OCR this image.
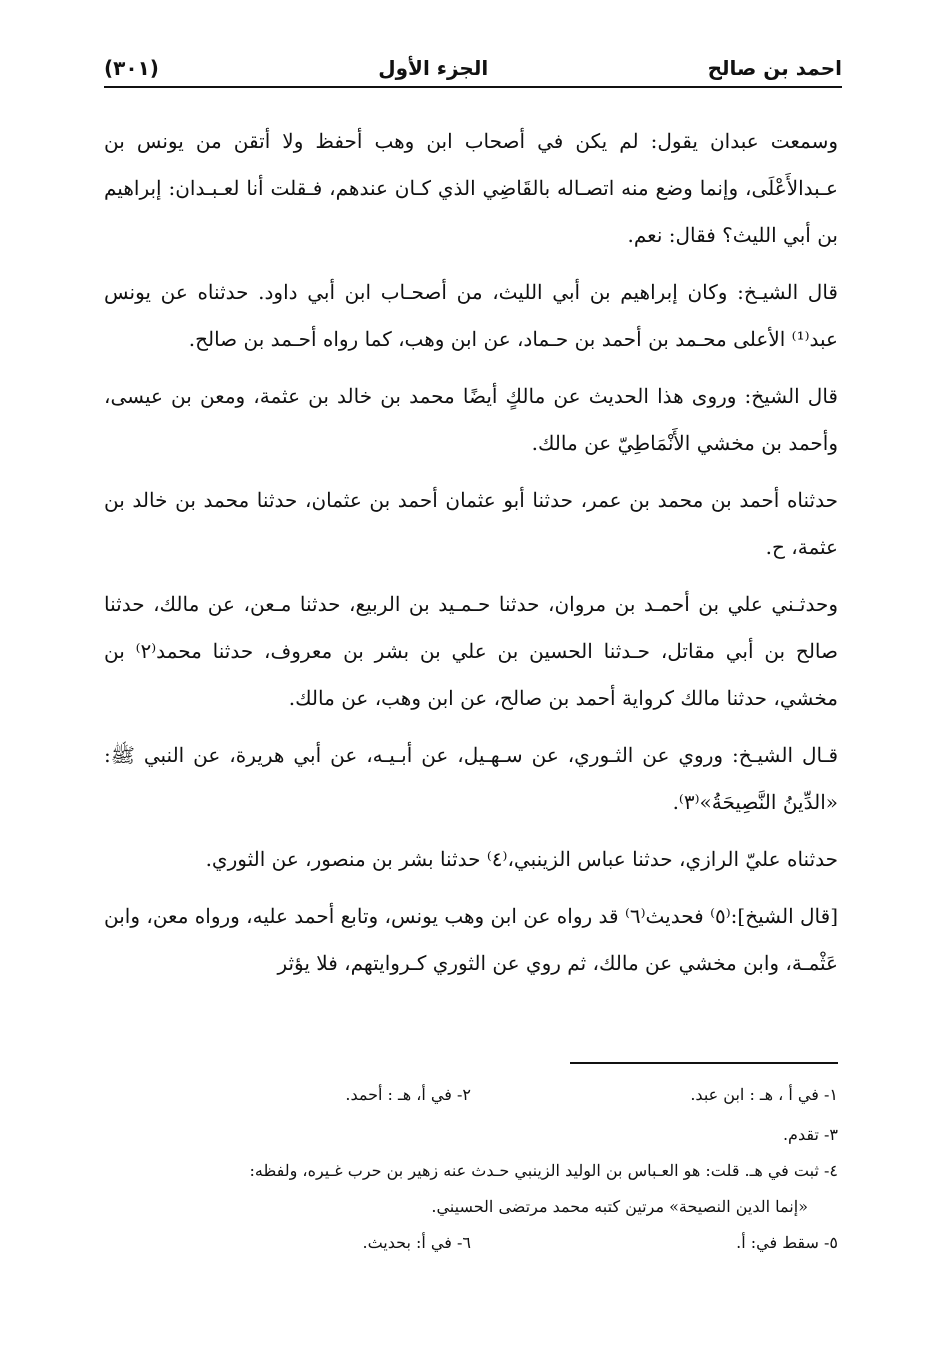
احمد بن صالح
الجزء الأول
(٣٠١)

وسمعت عبدان يقول: لم يكن في أصحاب ابن وهب أحفظ ولا أتقن من يونس بن عـبدالأَعْلَى، وإنما وضع منه اتصـاله بالقَاضِي الذي كـان عندهم، فـقلت أنا لعـبـدان: إبراهيم بن أبي الليث؟ فقال: نعم.

قال الشيـخ: وكان إبراهيم بن أبي الليث، من أصحـاب ابن أبي داود. حدثناه عن يونس عبد⁽¹⁾ الأعلى محـمد بن أحمد بن حـماد، عن ابن وهب، كما رواه أحـمد بن صالح.

قال الشيخ: وروى هذا الحديث عن مالكٍ أيضًا محمد بن خالد بن عثمة، ومعن بن عيسى، وأحمد بن مخشي الأَنْمَاطِيّ عن مالك.

حدثناه أحمد بن محمد بن عمر، حدثنا أبو عثمان أحمد بن عثمان، حدثنا محمد بن خالد بن عثمة، ح.

وحدثـني علي بن أحمـد بن مروان، حدثنا حـمـيد بن الربيع، حدثنا مـعن، عن مالك، حدثنا صالح بن أبي مقاتل، حـدثنا الحسين بن علي بن بشر بن معروف، حدثنا محمد⁽٢⁾ بن مخشي، حدثنا مالك كرواية أحمد بن صالح، عن ابن وهب، عن مالك.

قـال الشيـخ: وروي عن الثـوري، عن سـهـيل، عن أبـيـه، عن أبي هريرة، عن النبي ﷺ: «الدِّينُ النَّصِيحَةُ»⁽٣⁾.

حدثناه عليّ الرازي، حدثنا عباس الزينبي،⁽٤⁾ حدثنا بشر بن منصور، عن الثوري.

[قال الشيخ]:⁽٥⁾ فحديث⁽٦⁾ قد رواه عن ابن وهب يونس، وتابع أحمد عليه، ورواه معن، وابن عَثْمـة، وابن مخشي عن مالك، ثم روي عن الثوري كـروايتهم، فلا يؤثر

١- في أ ، هـ : ابن عبد.
٢- في أ، هـ : أحمد.
٣- تقدم.
٤- ثبت في هـ. قلت: هو العـباس بن الوليد الزينبي حـدث عنه زهير بن حرب غـيره، ولفظه:
«إنما الدين النصيحة» مرتين كتبه محمد مرتضى الحسيني.
٥- سقط في: أ.
٦- في أ: بحديث.
